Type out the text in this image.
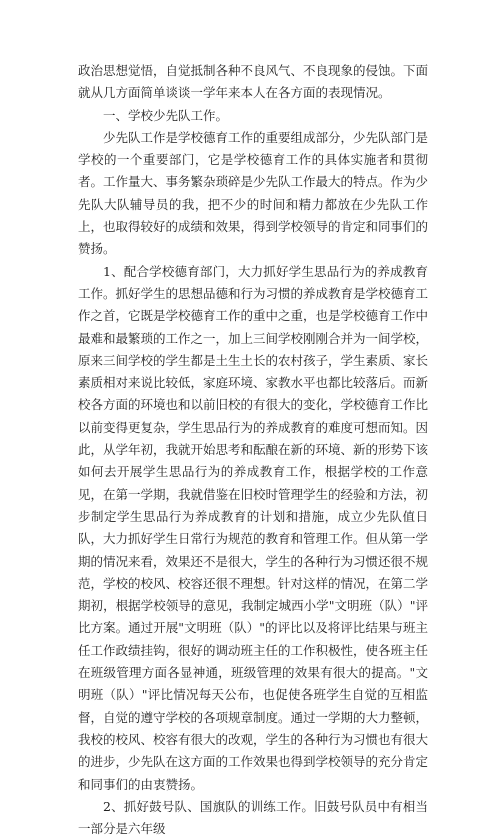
政治思想觉悟，自觉抵制各种不良风气、不良现象的侵蚀。下面就从几方面简单谈谈一学年来本人在各方面的表现情况。

一、学校少先队工作。

少先队工作是学校德育工作的重要组成部分，少先队部门是学校的一个重要部门，它是学校德育工作的具体实施者和贯彻者。工作量大、事务繁杂琐碎是少先队工作最大的特点。作为少先队大队辅导员的我，把不少的时间和精力都放在少先队工作上，也取得较好的成绩和效果，得到学校领导的肯定和同事们的赞扬。

1、配合学校德育部门，大力抓好学生思品行为的养成教育工作。抓好学生的思想品德和行为习惯的养成教育是学校德育工作之首，它既是学校德育工作的重中之重，也是学校德育工作中最难和最繁琐的工作之一，加上三间学校刚刚合并为一间学校，原来三间学校的学生都是土生土长的农村孩子，学生素质、家长素质相对来说比较低，家庭环境、家教水平也都比较落后。而新校各方面的环境也和以前旧校的有很大的变化，学校德育工作比以前变得更复杂，学生思品行为的养成教育的难度可想而知。因此，从学年初，我就开始思考和酝酿在新的环境、新的形势下该如何去开展学生思品行为的养成教育工作，根据学校的工作意见，在第一学期，我就借鉴在旧校时管理学生的经验和方法，初步制定学生思品行为养成教育的计划和措施，成立少先队值日队，大力抓好学生日常行为规范的教育和管理工作。但从第一学期的情况来看，效果还不是很大，学生的各种行为习惯还很不规范，学校的校风、校容还很不理想。针对这样的情况，在第二学期初，根据学校领导的意见，我制定城西小学"文明班（队）"评比方案。通过开展"文明班（队）"的评比以及将评比结果与班主任工作政绩挂钩，很好的调动班主任的工作积极性，使各班主任在班级管理方面各显神通，班级管理的效果有很大的提高。"文明班（队）"评比情况每天公布，也促使各班学生自觉的互相监督，自觉的遵守学校的各项规章制度。通过一学期的大力整顿，我校的校风、校容有很大的改观，学生的各种行为习惯也有很大的进步，少先队在这方面的工作效果也得到学校领导的充分肯定和同事们的由衷赞扬。

2、抓好鼓号队、国旗队的训练工作。旧鼓号队员中有相当一部分是六年级
